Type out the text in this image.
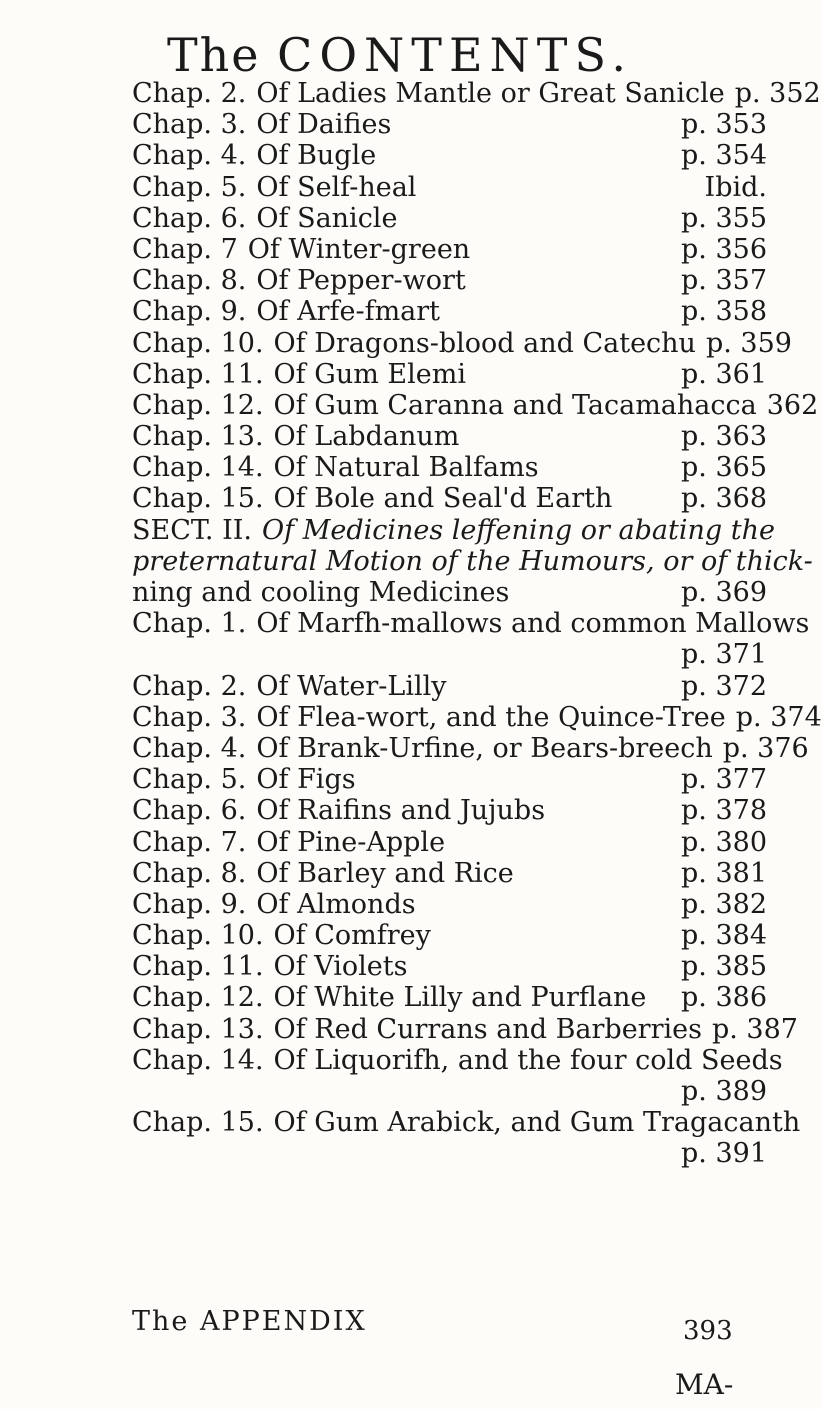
The CONTENTS.
Chap. 2. Of Ladies Mantle or Great Sanicle p. 352
Chap. 3. Of Daifies	p. 353
Chap. 4. Of Bugle	p. 354
Chap. 5. Of Self-heal	Ibid.
Chap. 6. Of Sanicle	p. 355
Chap. 7 Of Winter-green	p. 356
Chap. 8. Of Pepper-wort	p. 357
Chap. 9. Of Arfe-fmart	p. 358
Chap. 10. Of Dragons-blood and Catechu p. 359
Chap. 11. Of Gum Elemi	p. 361
Chap. 12. Of Gum Caranna and Tacamahacca 362
Chap. 13. Of Labdanum	p. 363
Chap. 14. Of Natural Balfams	p. 365
Chap. 15. Of Bole and Seal'd Earth	p. 368
SECT. II. Of Medicines leffening or abating the
preternatural Motion of the Humours, or of thick-
ning and cooling Medicines	p. 369
Chap. 1. Of Marfh-mallows and common Mallows
p. 371
Chap. 2. Of Water-Lilly	p. 372
Chap. 3. Of Flea-wort, and the Quince-Tree p. 374
Chap. 4. Of Brank-Urfine, or Bears-breech p. 376
Chap. 5. Of Figs	p. 377
Chap. 6. Of Raifins and Jujubs	p. 378
Chap. 7. Of Pine-Apple	p. 380
Chap. 8. Of Barley and Rice	p. 381
Chap. 9. Of Almonds	p. 382
Chap. 10. Of Comfrey	p. 384
Chap. 11. Of Violets	p. 385
Chap. 12. Of White Lilly and Purflane	p. 386
Chap. 13. Of Red Currans and Barberries p. 387
Chap. 14. Of Liquorifh, and the four cold Seeds
p. 389
Chap. 15. Of Gum Arabick, and Gum Tragacanth
p. 391
The APPENDIX	393
MA-
